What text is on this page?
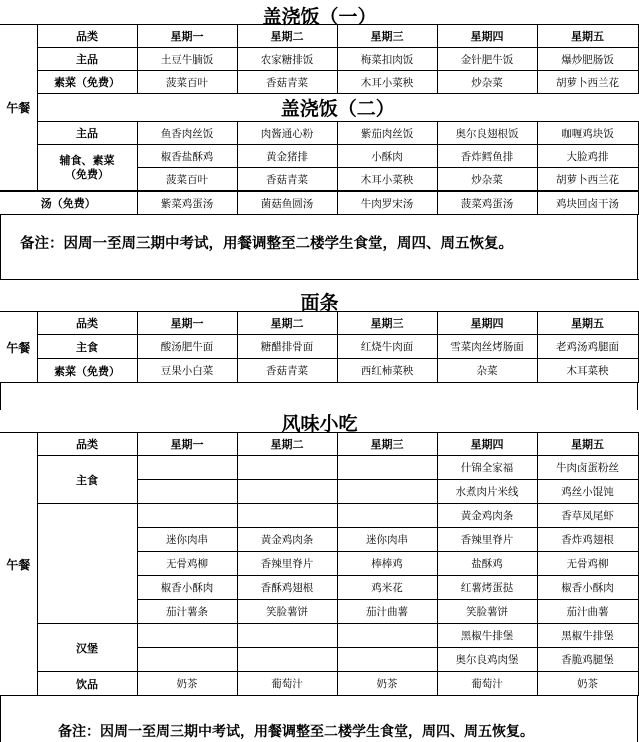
盖浇饭（一）
午餐	品类	星期一	星期二	星期三	星期四	星期五
	主品	土豆牛腩饭	农家糖排饭	梅菜扣肉饭	金针肥牛饭	爆炒肥肠饭
	素菜（免费）	菠菜百叶	香菇青菜	木耳小菜秧	炒杂菜	胡萝卜西兰花
	盖浇饭（二）					
	主品	鱼香肉丝饭	肉酱通心粉	紫茄肉丝饭	奥尔良翅根饭	咖喱鸡块饭
	辅食、素菜
（免费）	椒香盐酥鸡	黄金猪排	小酥肉	香炸鳕鱼排	大脸鸡排
		菠菜百叶	香菇青菜	木耳小菜秧	炒杂菜	胡萝卜西兰花
汤（免费）	紫菜鸡蛋汤	菌菇鱼圆汤	牛肉罗宋汤	菠菜鸡蛋汤	鸡块回卤干汤
备注：因周一至周三期中考试，用餐调整至二楼学生食堂，周四、周五恢复。
面条
午餐	品类	星期一	星期二	星期三	星期四	星期五
	主食	酸汤肥牛面	糖醋排骨面	红烧牛肉面	雪菜肉丝烤肠面	老鸡汤鸡腿面
	素菜（免费）	豆果小白菜	香菇青菜	西红柿菜秧	杂菜	木耳菜秧
风味小吃
午餐	品类	星期一	星期二	星期三	星期四	星期五
	主食				什锦全家福	牛肉卤蛋粉丝
					水煮肉片米线	鸡丝小馄饨
					黄金鸡肉条	香草凤尾虾
		迷你肉串	黄金鸡肉条	迷你肉串	香辣里脊片	香炸鸡翅根
		无骨鸡柳	香辣里脊片	棒棒鸡	盐酥鸡	无骨鸡柳
		椒香小酥肉	香酥鸡翅根	鸡米花	红薯烤蛋挞	椒香小酥肉
		茄汁薯条	笑脸薯饼	茄汁曲薯	笑脸薯饼	茄汁曲薯
	汉堡				黑椒牛排堡	黑椒牛排堡
					奥尔良鸡肉堡	香脆鸡腿堡
	饮品	奶茶	葡萄汁	奶茶	葡萄汁	奶茶
备注：因周一至周三期中考试，用餐调整至二楼学生食堂，周四、周五恢复。
